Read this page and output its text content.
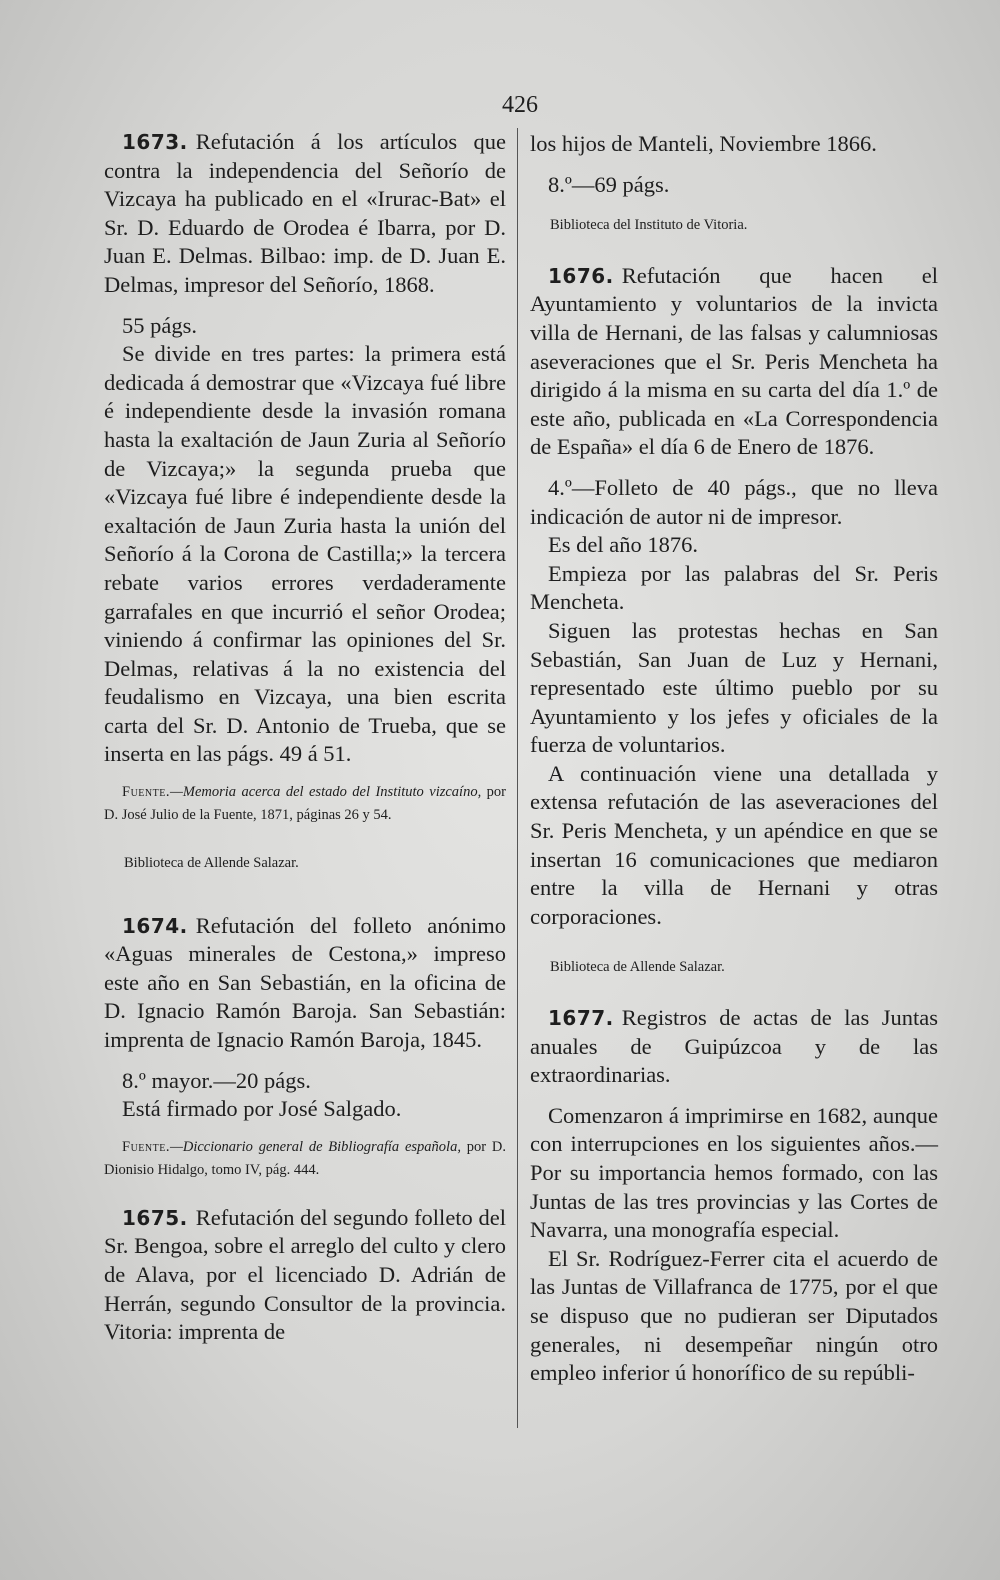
426

1673. Refutación á los artículos que contra la independencia del Señorío de Vizcaya ha publicado en el «Irurac-Bat» el Sr. D. Eduardo de Orodea é Ibarra, por D. Juan E. Delmas. Bilbao: imp. de D. Juan E. Delmas, impresor del Señorío, 1868.

55 págs.

Se divide en tres partes: la primera está dedicada á demostrar que «Vizcaya fué libre é independiente desde la invasión romana hasta la exaltación de Jaun Zuria al Señorío de Vizcaya;» la segunda prueba que «Vizcaya fué libre é independiente desde la exaltación de Jaun Zuria hasta la unión del Señorío á la Corona de Castilla;» la tercera rebate varios errores verdaderamente garrafales en que incurrió el señor Orodea; viniendo á confirmar las opiniones del Sr. Delmas, relativas á la no existencia del feudalismo en Vizcaya, una bien escrita carta del Sr. D. Antonio de Trueba, que se inserta en las págs. 49 á 51.

Fuente.—Memoria acerca del estado del Instituto vizcaíno, por D. José Julio de la Fuente, 1871, páginas 26 y 54.

Biblioteca de Allende Salazar.

1674. Refutación del folleto anónimo «Aguas minerales de Cestona,» impreso este año en San Sebastián, en la oficina de D. Ignacio Ramón Baroja. San Sebastián: imprenta de Ignacio Ramón Baroja, 1845.

8.º mayor.—20 págs.

Está firmado por José Salgado.

Fuente.—Diccionario general de Bibliografía española, por D. Dionisio Hidalgo, tomo IV, pág. 444.

1675. Refutación del segundo folleto del Sr. Bengoa, sobre el arreglo del culto y clero de Alava, por el licenciado D. Adrián de Herrán, segundo Consultor de la provincia. Vitoria: imprenta de

los hijos de Manteli, Noviembre 1866.

8.º—69 págs.

Biblioteca del Instituto de Vitoria.

1676. Refutación que hacen el Ayuntamiento y voluntarios de la invicta villa de Hernani, de las falsas y calumniosas aseveraciones que el Sr. Peris Mencheta ha dirigido á la misma en su carta del día 1.º de este año, publicada en «La Correspondencia de España» el día 6 de Enero de 1876.

4.º—Folleto de 40 págs., que no lleva indicación de autor ni de impresor.

Es del año 1876.

Empieza por las palabras del Sr. Peris Mencheta.

Siguen las protestas hechas en San Sebastián, San Juan de Luz y Hernani, representado este último pueblo por su Ayuntamiento y los jefes y oficiales de la fuerza de voluntarios.

A continuación viene una detallada y extensa refutación de las aseveraciones del Sr. Peris Mencheta, y un apéndice en que se insertan 16 comunicaciones que mediaron entre la villa de Hernani y otras corporaciones.

Biblioteca de Allende Salazar.

1677. Registros de actas de las Juntas anuales de Guipúzcoa y de las extraordinarias.

Comenzaron á imprimirse en 1682, aunque con interrupciones en los siguientes años.—Por su importancia hemos formado, con las Juntas de las tres provincias y las Cortes de Navarra, una monografía especial.

El Sr. Rodríguez-Ferrer cita el acuerdo de las Juntas de Villafranca de 1775, por el que se dispuso que no pudieran ser Diputados generales, ni desempeñar ningún otro empleo inferior ú honorífico de su repúbli-
